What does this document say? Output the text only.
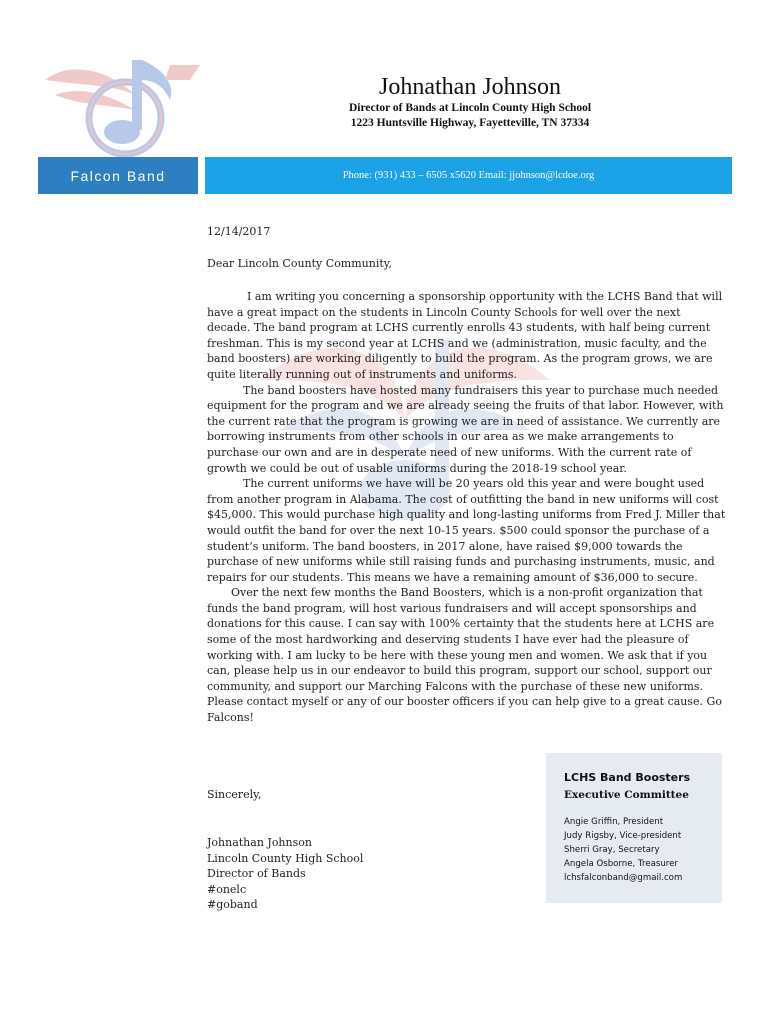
Johnathan Johnson
Director of Bands at Lincoln County High School
1223 Huntsville Highway, Fayetteville, TN 37334
Falcon Band	Phone: (931) 433 – 6505 x5620 Email: jjohnson@lcdoe.org
12/14/2017
Dear Lincoln County Community,

I am writing you concerning a sponsorship opportunity with the LCHS Band that will have a great impact on the students in Lincoln County Schools for well over the next decade. The band program at LCHS currently enrolls 43 students, with half being current freshman. This is my second year at LCHS and we (administration, music faculty, and the band boosters) are working diligently to build the program. As the program grows, we are quite literally running out of instruments and uniforms.

The band boosters have hosted many fundraisers this year to purchase much needed equipment for the program and we are already seeing the fruits of that labor. However, with the current rate that the program is growing we are in need of assistance. We currently are borrowing instruments from other schools in our area as we make arrangements to purchase our own and are in desperate need of new uniforms. With the current rate of growth we could be out of usable uniforms during the 2018-19 school year.

The current uniforms we have will be 20 years old this year and were bought used from another program in Alabama. The cost of outfitting the band in new uniforms will cost $45,000. This would purchase high quality and long-lasting uniforms from Fred J. Miller that would outfit the band for over the next 10-15 years. $500 could sponsor the purchase of a student’s uniform. The band boosters, in 2017 alone, have raised $9,000 towards the purchase of new uniforms while still raising funds and purchasing instruments, music, and repairs for our students. This means we have a remaining amount of $36,000 to secure.

Over the next few months the Band Boosters, which is a non-profit organization that funds the band program, will host various fundraisers and will accept sponsorships and donations for this cause. I can say with 100% certainty that the students here at LCHS are some of the most hardworking and deserving students I have ever had the pleasure of working with. I am lucky to be here with these young men and women. We ask that if you can, please help us in our endeavor to build this program, support our school, support our community, and support our Marching Falcons with the purchase of these new uniforms. Please contact myself or any of our booster officers if you can help give to a great cause. Go Falcons!

Sincerely,
Johnathan Johnson
Lincoln County High School
Director of Bands
#onelc
#goband
LCHS Band Boosters
Executive Committee
Angie Griffin, President
Judy Rigsby, Vice-president
Sherri Gray, Secretary
Angela Osborne, Treasurer
lchsfalconband@gmail.com
